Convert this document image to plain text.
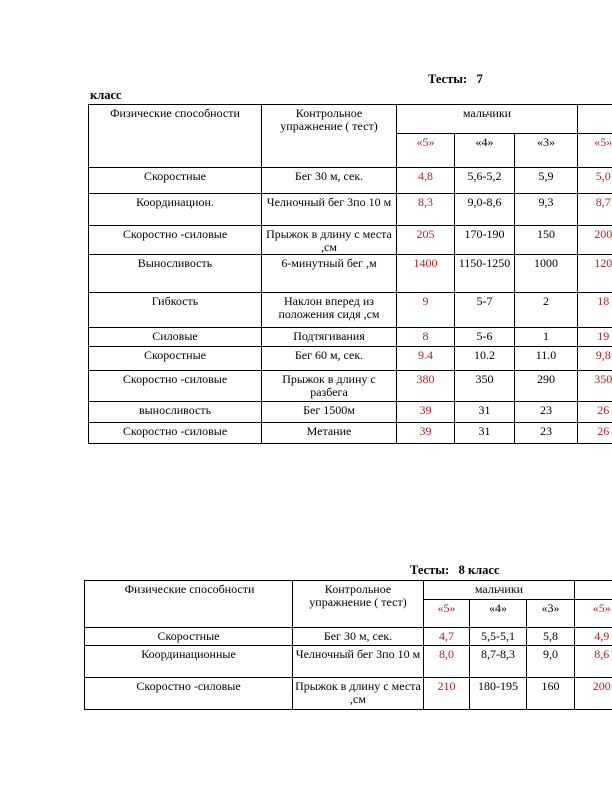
Тесты: 7
класс
Физические способности	Контрольное упражнение ( тест)	мальчики			
		«5»	«4»	«3»	«5»
Скоростные	Бег 30 м, сек.	4,8	5,6-5,2	5,9	5,0
Координацион.	Челночный бег 3по 10 м	8,3	9,0-8,6	9,3	8,7
Скоростно -силовые	Прыжок в длину с места ,см	205	170-190	150	200
Выносливость	6-минутный бег ,м	1400	1150-1250	1000	120
Гибкость	Наклон вперед из положения сидя ,см	9	5-7	2	18
Силовые	Подтягивания	8	5-6	1	19
Скоростные	Бег 60 м, сек.	9.4	10.2	11.0	9,8
Скоростно -силовые	Прыжок в длину с разбега	380	350	290	350
выносливость	Бег 1500м	39	31	23	26
Скоростно -силовые	Метание	39	31	23	26
Тесты: 8 класс
Физические способности	Контрольное упражнение ( тест)	мальчики			
		«5»	«4»	«3»	«5»
Скоростные	Бег 30 м, сек.	4,7	5,5-5,1	5,8	4,9
Координационные	Челночный бег 3по 10 м	8,0	8,7-8,3	9,0	8,6
Скоростно -силовые	Прыжок в длину с места ,см	210	180-195	160	200
